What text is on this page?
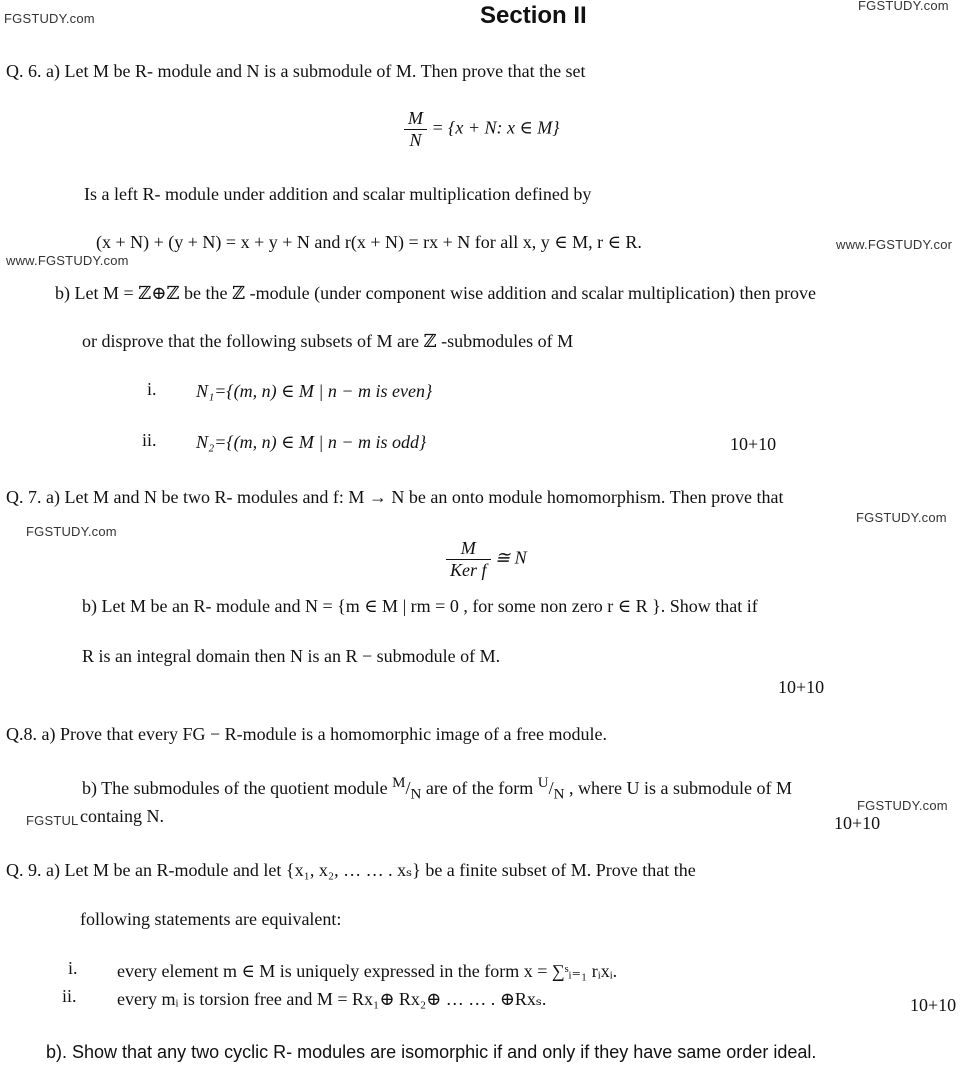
FGSTUDY.com
FGSTUDY.com
www.FGSTUDY.cor
www.FGSTUDY.com
FGSTUDY.com
FGSTUDY.com
FGSTUDY.com
FGSTUL
Section II
Q. 6. a) Let M be R- module and N is a submodule of M. Then prove that the set
$\frac{M}{N} = \{x + N$: x ∈ M}
Is a left R- module under addition and scalar multiplication defined by
(x + N) + (y + N) = x + y + N and r(x + N) = rx + N for all x, y ∈ M, r ∈ R.
b) Let M = ℤ⊕ℤ be the ℤ -module (under component wise addition and scalar multiplication) then prove
or disprove that the following subsets of M are ℤ -submodules of M
i. N₁={(m, n) ∈ M | n − m is even}
ii. N₂={(m, n) ∈ M | n − m is odd}	10+10
Q. 7. a) Let M and N be two R- modules and f: M → N be an onto module homomorphism. Then prove that
$\frac{M}{\text{Ker f}}$ ≅ N
b) Let M be an R- module and N = {m ∈ M | rm = 0 , for some non zero r ∈ R }. Show that if
R is an integral domain then N is an R − submodule of M.
10+10
Q.8. a) Prove that every FG − R-module is a homomorphic image of a free module.
b) The submodules of the quotient module $^M/_N$ are of the form $^U/_N$ , where U is a submodule of M
containg N.	10+10
Q. 9. a) Let M be an R-module and let {x₁, x₂, … … . xₛ} be a finite subset of M. Prove that the
following statements are equivalent:
i. every element m ∈ M is uniquely expressed in the form x = ∑ˢᵢ₌₁ rᵢxᵢ.
ii. every mᵢ is torsion free and M = Rx₁⊕ Rx₂⊕ … … . ⊕Rxₛ.	10+10
b). Show that any two cyclic R- modules are isomorphic if and only if they have same order ideal.
